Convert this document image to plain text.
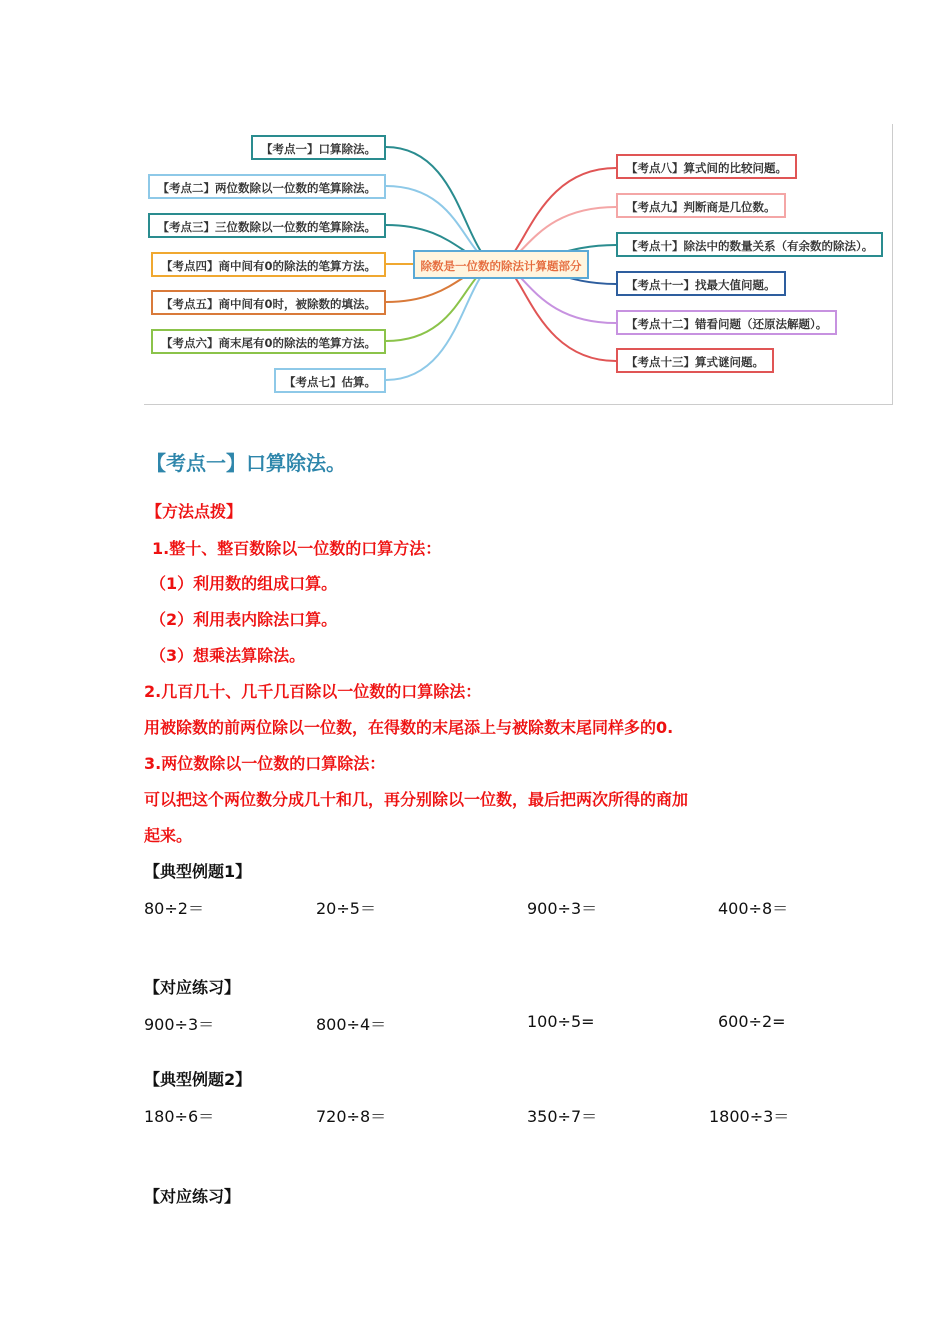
【考点一】口算除法。
【考点二】两位数除以一位数的笔算除法。
【考点三】三位数除以一位数的笔算除法。
【考点四】商中间有0的除法的笔算方法。
【考点五】商中间有0时，被除数的填法。
【考点六】商末尾有0的除法的笔算方法。
【考点七】估算。
除数是一位数的除法计算题部分
【考点八】算式间的比较问题。
【考点九】判断商是几位数。
【考点十】除法中的数量关系（有余数的除法）。
【考点十一】找最大值问题。
【考点十二】错看问题（还原法解题）。
【考点十三】算式谜问题。
【考点一】口算除法。
【方法点拨】
1.整十、整百数除以一位数的口算方法：
（1）利用数的组成口算。
（2）利用表内除法口算。
（3）想乘法算除法。
2.几百几十、几千几百除以一位数的口算除法：
用被除数的前两位除以一位数，在得数的末尾添上与被除数末尾同样多的0.
3.两位数除以一位数的口算除法：
可以把这个两位数分成几十和几，再分别除以一位数，最后把两次所得的商加
起来。
【典型例题1】
80÷2＝	20÷5＝	900÷3＝	400÷8＝
【对应练习】
900÷3＝	800÷4＝	100÷5=	600÷2=
【典型例题2】
180÷6＝	720÷8＝	350÷7＝	1800÷3＝
【对应练习】
